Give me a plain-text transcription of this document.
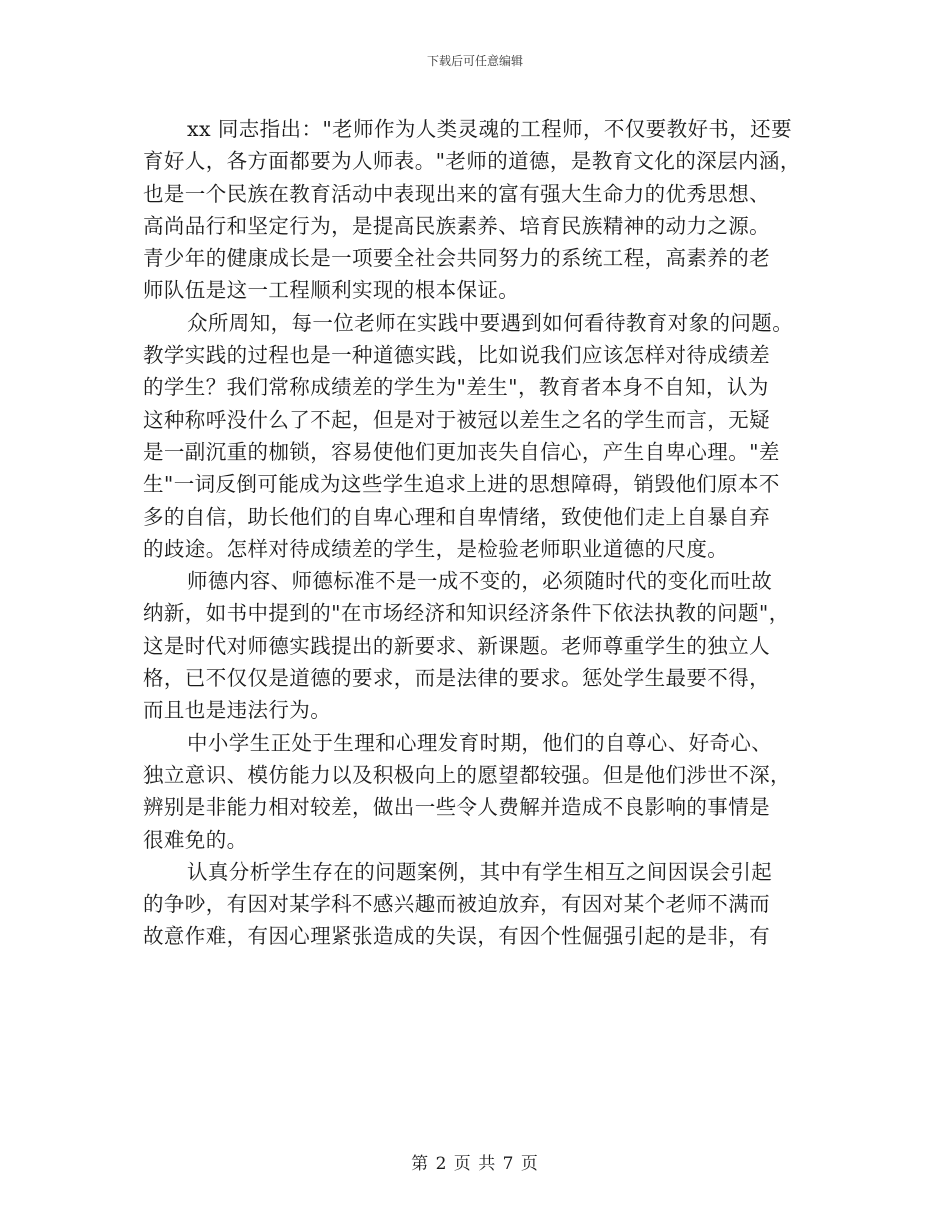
下载后可任意编辑
xx 同志指出："老师作为人类灵魂的工程师，不仅要教好书，还要
育好人，各方面都要为人师表。"老师的道德，是教育文化的深层内涵，
也是一个民族在教育活动中表现出来的富有强大生命力的优秀思想、
高尚品行和坚定行为，是提高民族素养、培育民族精神的动力之源。
青少年的健康成长是一项要全社会共同努力的系统工程，高素养的老
师队伍是这一工程顺利实现的根本保证。
众所周知，每一位老师在实践中要遇到如何看待教育对象的问题。
教学实践的过程也是一种道德实践，比如说我们应该怎样对待成绩差
的学生？我们常称成绩差的学生为"差生"，教育者本身不自知，认为
这种称呼没什么了不起，但是对于被冠以差生之名的学生而言，无疑
是一副沉重的枷锁，容易使他们更加丧失自信心，产生自卑心理。"差
生"一词反倒可能成为这些学生追求上进的思想障碍，销毁他们原本不
多的自信，助长他们的自卑心理和自卑情绪，致使他们走上自暴自弃
的歧途。怎样对待成绩差的学生，是检验老师职业道德的尺度。
师德内容、师德标准不是一成不变的，必须随时代的变化而吐故
纳新，如书中提到的"在市场经济和知识经济条件下依法执教的问题"，
这是时代对师德实践提出的新要求、新课题。老师尊重学生的独立人
格，已不仅仅是道德的要求，而是法律的要求。惩处学生最要不得，
而且也是违法行为。
中小学生正处于生理和心理发育时期，他们的自尊心、好奇心、
独立意识、模仿能力以及积极向上的愿望都较强。但是他们涉世不深，
辨别是非能力相对较差，做出一些令人费解并造成不良影响的事情是
很难免的。
认真分析学生存在的问题案例，其中有学生相互之间因误会引起
的争吵，有因对某学科不感兴趣而被迫放弃，有因对某个老师不满而
故意作难，有因心理紧张造成的失误，有因个性倔强引起的是非，有
第 2 页 共 7 页
